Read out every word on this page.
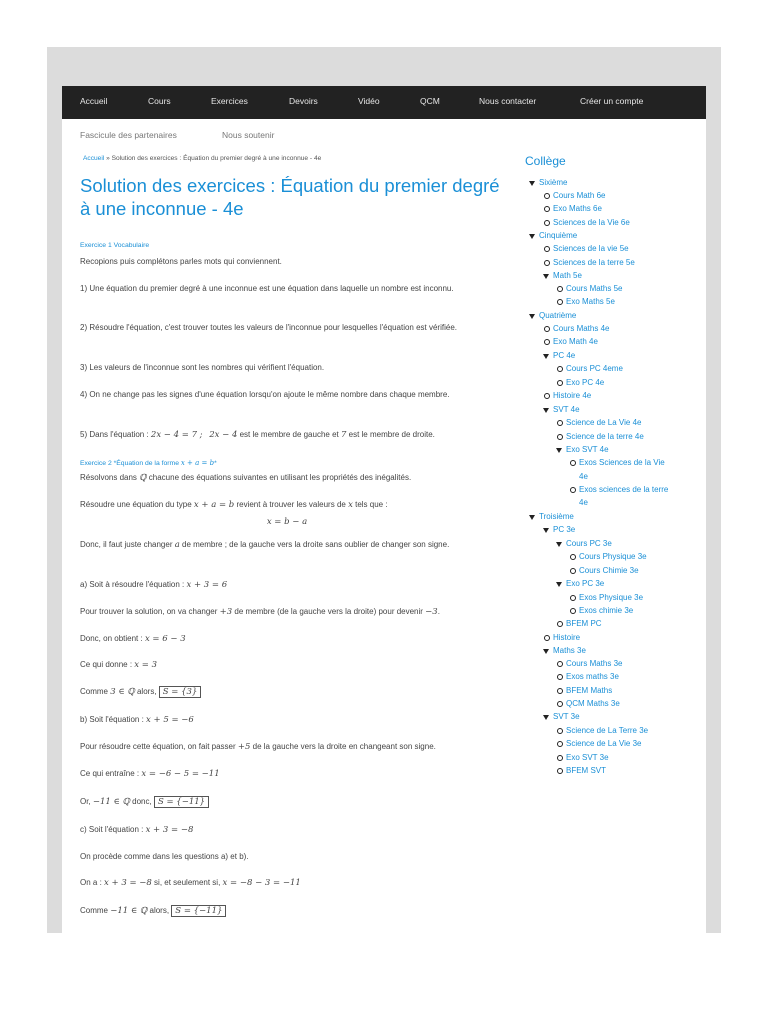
Accueil	Cours	Exercices	Devoirs	Vidéo	QCM	Nous contacter	Créer un compte
Fascicule des partenaires	Nous soutenir
Accueil » Solution des exercices : Équation du premier degré à une inconnue - 4e
Solution des exercices : Équation du premier degré à une inconnue - 4e
Exercice 1 Vocabulaire
Recopions puis complétons parles mots qui conviennent.
1) Une équation du premier degré à une inconnue est une équation dans laquelle un nombre est inconnu.
2) Résoudre l'équation, c'est trouver toutes les valeurs de l'inconnue pour lesquelles l'équation est vérifiée.
3) Les valeurs de l'inconnue sont les nombres qui vérifient l'équation.
4) On ne change pas les signes d'une équation lorsqu'on ajoute le même nombre dans chaque membre.
5) Dans l'équation : 2x − 4 = 7 ; 2x − 4 est le membre de gauche et 7 est le membre de droite.
Exercice 2 *Équation de la forme x + a = b*
Résolvons dans ℚ chacune des équations suivantes en utilisant les propriétés des inégalités.
Résoudre une équation du type x + a = b revient à trouver les valeurs de x tels que :
x = b − a
Donc, il faut juste changer a de membre ; de la gauche vers la droite sans oublier de changer son signe.
a) Soit à résoudre l'équation : x + 3 = 6
Pour trouver la solution, on va changer +3 de membre (de la gauche vers la droite) pour devenir −3.
Donc, on obtient : x = 6 − 3
Ce qui donne : x = 3
Comme 3 ∈ ℚ alors, S = {3}
b) Soit l'équation : x + 5 = −6
Pour résoudre cette équation, on fait passer +5 de la gauche vers la droite en changeant son signe.
Ce qui entraîne : x = −6 − 5 = −11
Or, −11 ∈ ℚ donc, S = {−11}
c) Soit l'équation : x + 3 = −8
On procède comme dans les questions a) et b).
On a : x + 3 = −8 si, et seulement si, x = −8 − 3 = −11
Comme −11 ∈ ℚ alors, S = {−11}
Collège
Sixième
Cours Math 6e
Exo Maths 6e
Sciences de la Vie 6e
Cinquième
Sciences de la vie 5e
Sciences de la terre 5e
Math 5e
Cours Maths 5e
Exo Maths 5e
Quatrième
Cours Maths 4e
Exo Math 4e
PC 4e
Cours PC 4eme
Exo PC 4e
Histoire 4e
SVT 4e
Science de La Vie 4e
Science de la terre 4e
Exo SVT 4e
Exos Sciences de la Vie
4e
Exos sciences de la terre
4e
Troisième
PC 3e
Cours PC 3e
Cours Physique 3e
Cours Chimie 3e
Exo PC 3e
Exos Physique 3e
Exos chimie 3e
BFEM PC
Histoire
Maths 3e
Cours Maths 3e
Exos maths 3e
BFEM Maths
QCM Maths 3e
SVT 3e
Science de La Terre 3e
Science de La Vie 3e
Exo SVT 3e
BFEM SVT
